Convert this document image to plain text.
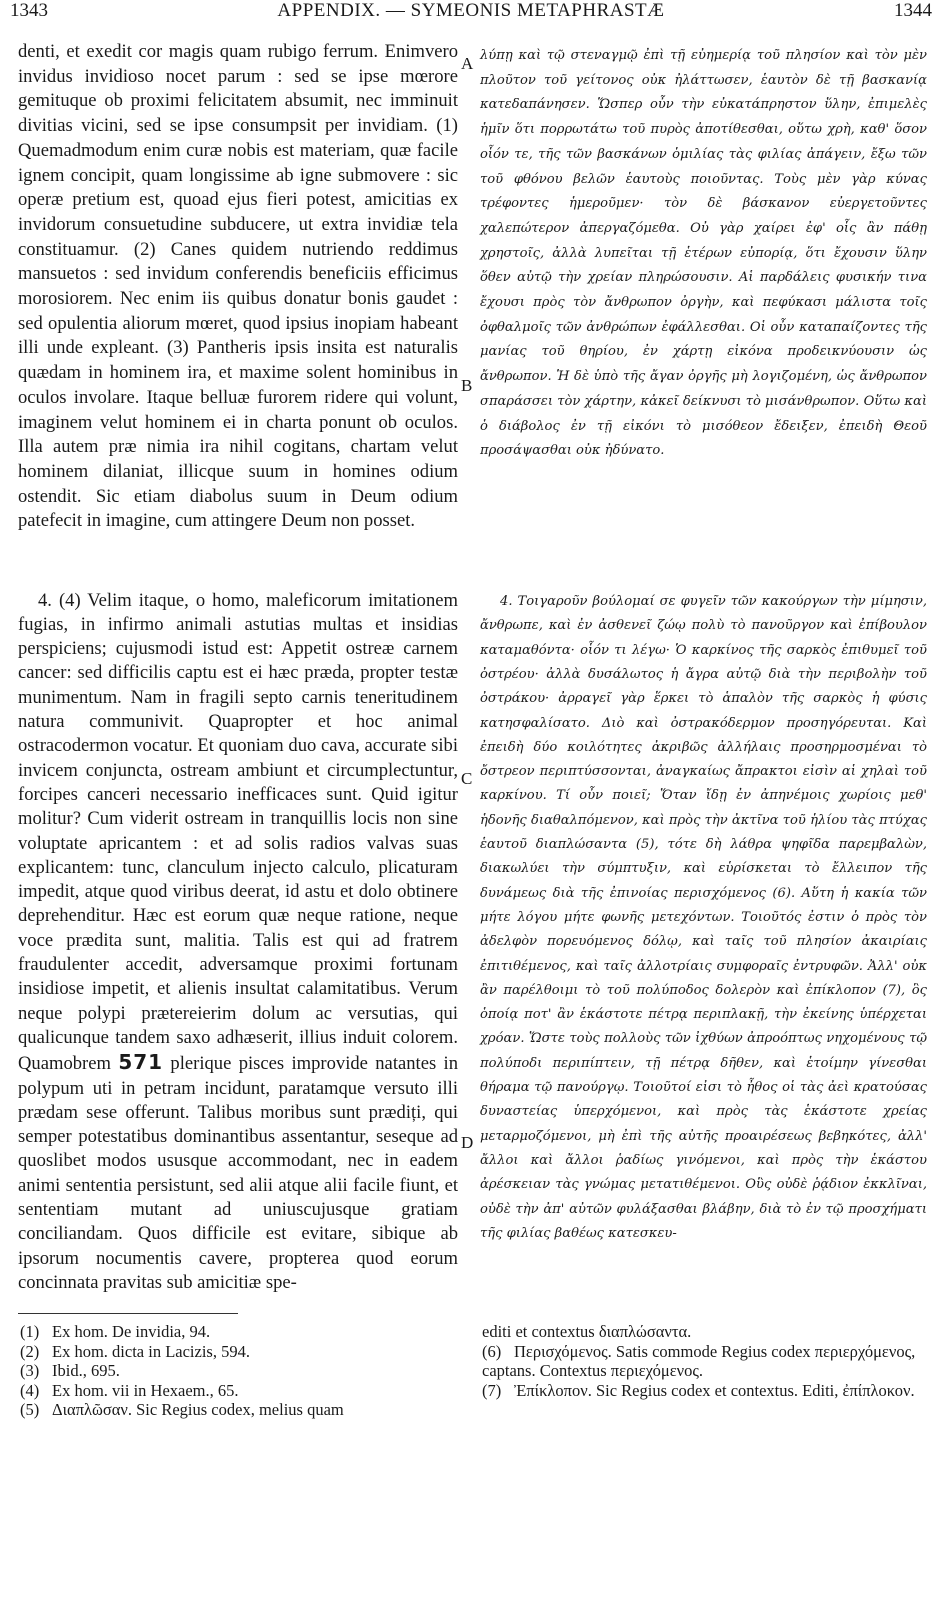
1343	APPENDIX. — SYMEONIS METAPHRASTÆ	1344

denti, et exedit cor magis quam rubigo ferrum. Enimvero invidus invidioso nocet parum : sed se ipse mœrore gemituque ob proximi felicitatem absumit, nec imminuit divitias vicini, sed se ipse consumpsit per invidiam. (1) Quemadmodum enim curæ nobis est materiam, quæ facile ignem concipit, quam longissime ab igne submovere : sic operæ pretium est, quoad ejus fieri potest, amicitias ex invidorum consuetudine subducere, ut extra invidiæ tela constituamur. (2) Canes quidem nutriendo reddimus mansuetos : sed invidum conferendis beneficiis efficimus morosiorem. Nec enim iis quibus donatur bonis gaudet : sed opulentia aliorum mœret, quod ipsius inopiam habeant illi unde expleant. (3) Pantheris ipsis insita est naturalis quædam in hominem ira, et maxime solent hominibus in oculos involare. Itaque belluæ furorem ridere qui volunt, imaginem velut hominem ei in charta ponunt ob oculos. Illa autem præ nimia ira nihil cogitans, chartam velut hominem dilaniat, illicque suum in homines odium ostendit. Sic etiam diabolus suum in Deum odium patefecit in imagine, cum attingere Deum non posset.

λύπῃ καὶ τῷ στεναγμῷ ἐπὶ τῇ εὐημερίᾳ τοῦ πλησίον καὶ τὸν μὲν πλοῦτον τοῦ γείτονος οὐκ ἠλάττωσεν, ἑαυτὸν δὲ τῇ βασκανίᾳ κατεδαπάνησεν. Ὥσπερ οὖν τὴν εὐκατάπρηστον ὕλην, ἐπιμελὲς ἡμῖν ὅτι πορρωτάτω τοῦ πυρὸς ἀποτίθεσθαι, οὕτω χρὴ, καθ' ὅσον οἷόν τε, τῆς τῶν βασκάνων ὁμιλίας τὰς φιλίας ἀπάγειν, ἔξω τῶν τοῦ φθόνου βελῶν ἑαυτοὺς ποιοῦντας. Τοὺς μὲν γὰρ κύνας τρέφοντες ἡμεροῦμεν· τὸν δὲ βάσκανον εὐεργετοῦντες χαλεπώτερον ἀπεργαζόμεθα. Οὐ γὰρ χαίρει ἐφ' οἷς ἂν πάθῃ χρηστοῖς, ἀλλὰ λυπεῖται τῇ ἑτέρων εὐπορίᾳ, ὅτι ἔχουσιν ὕλην ὅθεν αὐτῷ τὴν χρείαν πληρώσουσιν. Αἱ παρδάλεις φυσικήν τινα ἔχουσι πρὸς τὸν ἄνθρωπον ὀργὴν, καὶ πεφύκασι μάλιστα τοῖς ὀφθαλμοῖς τῶν ἀνθρώπων ἐφάλλεσθαι. Οἱ οὖν καταπαίζοντες τῆς μανίας τοῦ θηρίου, ἐν χάρτῃ εἰκόνα προδεικνύουσιν ὡς ἄνθρωπον. Ἡ δὲ ὑπὸ τῆς ἄγαν ὀργῆς μὴ λογιζομένη, ὡς ἄνθρωπον σπαράσσει τὸν χάρτην, κἀκεῖ δείκνυσι τὸ μισάνθρωπον. Οὕτω καὶ ὁ διάβολος ἐν τῇ εἰκόνι τὸ μισόθεον ἔδειξεν, ἐπειδὴ Θεοῦ προσάψασθαι οὐκ ἠδύνατο.

A
B
C
D

4. (4) Velim itaque, o homo, maleficorum imitationem fugias, in infirmo animali astutias multas et insidias perspiciens; cujusmodi istud est: Appetit ostreæ carnem cancer: sed difficilis captu est ei hæc præda, propter testæ munimentum. Nam in fragili septo carnis teneritudinem natura communivit. Quapropter et hoc animal ostracodermon vocatur. Et quoniam duo cava, accurate sibi invicem conjuncta, ostream ambiunt et circumplectuntur, forcipes canceri necessario inefficaces sunt. Quid igitur molitur? Cum viderit ostream in tranquillis locis non sine voluptate apricantem : et ad solis radios valvas suas explicantem: tunc, clanculum injecto calculo, plicaturam impedit, atque quod viribus deerat, id astu et dolo obtinere deprehenditur. Hæc est eorum quæ neque ratione, neque voce prædita sunt, malitia. Talis est qui ad fratrem fraudulenter accedit, adversamque proximi fortunam insidiose impetit, et alienis insultat calamitatibus. Verum neque polypi prætereierim dolum ac versutias, qui qualicunque tandem saxo adhæserit, illius induit colorem. Quamobrem 571 plerique pisces improvide natantes in polypum uti in petram incidunt, paratamque versuto illi prædam sese offerunt. Talibus moribus sunt prædiți, qui semper potestatibus dominantibus assentantur, seseque ad quoslibet modos ususque accommodant, nec in eadem animi sententia persistunt, sed alii atque alii facile fiunt, et sententiam mutant ad uniuscujusque gratiam conciliandam. Quos difficile est evitare, sibique ab ipsorum nocumentis cavere, propterea quod eorum concinnata pravitas sub amicitiæ spe-

4. Τοιγαροῦν βούλομαί σε φυγεῖν τῶν κακούργων τὴν μίμησιν, ἄνθρωπε, καὶ ἐν ἀσθενεῖ ζώῳ πολὺ τὸ πανοῦργον καὶ ἐπίβουλον καταμαθόντα· οἷόν τι λέγω· Ὁ καρκίνος τῆς σαρκὸς ἐπιθυμεῖ τοῦ ὀστρέου· ἀλλὰ δυσάλωτος ἡ ἄγρα αὐτῷ διὰ τὴν περιβολὴν τοῦ ὀστράκου· ἀρραγεῖ γὰρ ἕρκει τὸ ἁπαλὸν τῆς σαρκὸς ἡ φύσις κατησφαλίσατο. Διὸ καὶ ὀστρακόδερμον προσηγόρευται. Καὶ ἐπειδὴ δύο κοιλότητες ἀκριβῶς ἀλλήλαις προσηρμοσμέναι τὸ ὄστρεον περιπτύσσονται, ἀναγκαίως ἄπρακτοι εἰσὶν αἱ χηλαὶ τοῦ καρκίνου. Τί οὖν ποιεῖ; Ὅταν ἴδῃ ἐν ἀπηνέμοις χωρίοις μεθ' ἡδονῆς διαθαλπόμενον, καὶ πρὸς τὴν ἀκτῖνα τοῦ ἡλίου τὰς πτύχας ἑαυτοῦ διαπλώσαντα (5), τότε δὴ λάθρα ψηφῖδα παρεμβαλὼν, διακωλύει τὴν σύμπτυξιν, καὶ εὑρίσκεται τὸ ἔλλειπον τῆς δυνάμεως διὰ τῆς ἐπινοίας περισχόμενος (6). Αὕτη ἡ κακία τῶν μήτε λόγου μήτε φωνῆς μετεχόντων. Τοιοῦτός ἐστιν ὁ πρὸς τὸν ἀδελφὸν πορευόμενος δόλῳ, καὶ ταῖς τοῦ πλησίον ἀκαιρίαις ἐπιτιθέμενος, καὶ ταῖς ἀλλοτρίαις συμφοραῖς ἐντρυφῶν. Ἀλλ' οὐκ ἂν παρέλθοιμι τὸ τοῦ πολύποδος δολερὸν καὶ ἐπίκλοπον (7), ὃς ὁποίᾳ ποτ' ἂν ἑκάστοτε πέτρᾳ περιπλακῇ, τὴν ἐκείνης ὑπέρχεται χρόαν. Ὥστε τοὺς πολλοὺς τῶν ἰχθύων ἀπροόπτως νηχομένους τῷ πολύποδι περιπίπτειν, τῇ πέτρᾳ δῆθεν, καὶ ἑτοίμην γίνεσθαι θήραμα τῷ πανούργῳ. Τοιοῦτοί εἰσι τὸ ἦθος οἱ τὰς ἀεὶ κρατούσας δυναστείας ὑπερχόμενοι, καὶ πρὸς τὰς ἑκάστοτε χρείας μεταρμοζόμενοι, μὴ ἐπὶ τῆς αὐτῆς προαιρέσεως βεβηκότες, ἀλλ' ἄλλοι καὶ ἄλλοι ῥαδίως γινόμενοι, καὶ πρὸς τὴν ἑκάστου ἀρέσκειαν τὰς γνώμας μετατιθέμενοι. Οὓς οὐδὲ ῥᾴδιον ἐκκλῖναι, οὐδὲ τὴν ἀπ' αὐτῶν φυλάξασθαι βλάβην, διὰ τὸ ἐν τῷ προσχήματι τῆς φιλίας βαθέως κατεσκευ-

(1) Ex hom. De invidia, 94.

(2) Ex hom. dicta in Lacizis, 594.

(3) Ibid., 695.

(4) Ex hom. vii in Hexaem., 65.

(5) Διαπλῶσαν. Sic Regius codex, melius quam

editi et contextus διαπλώσαντα.

(6) Περισχόμενος. Satis commode Regius codex περιερχόμενος, captans. Contextus περιεχόμενος.

(7) Ἐπίκλοπον. Sic Regius codex et contextus. Editi, ἐπίπλοκον.
